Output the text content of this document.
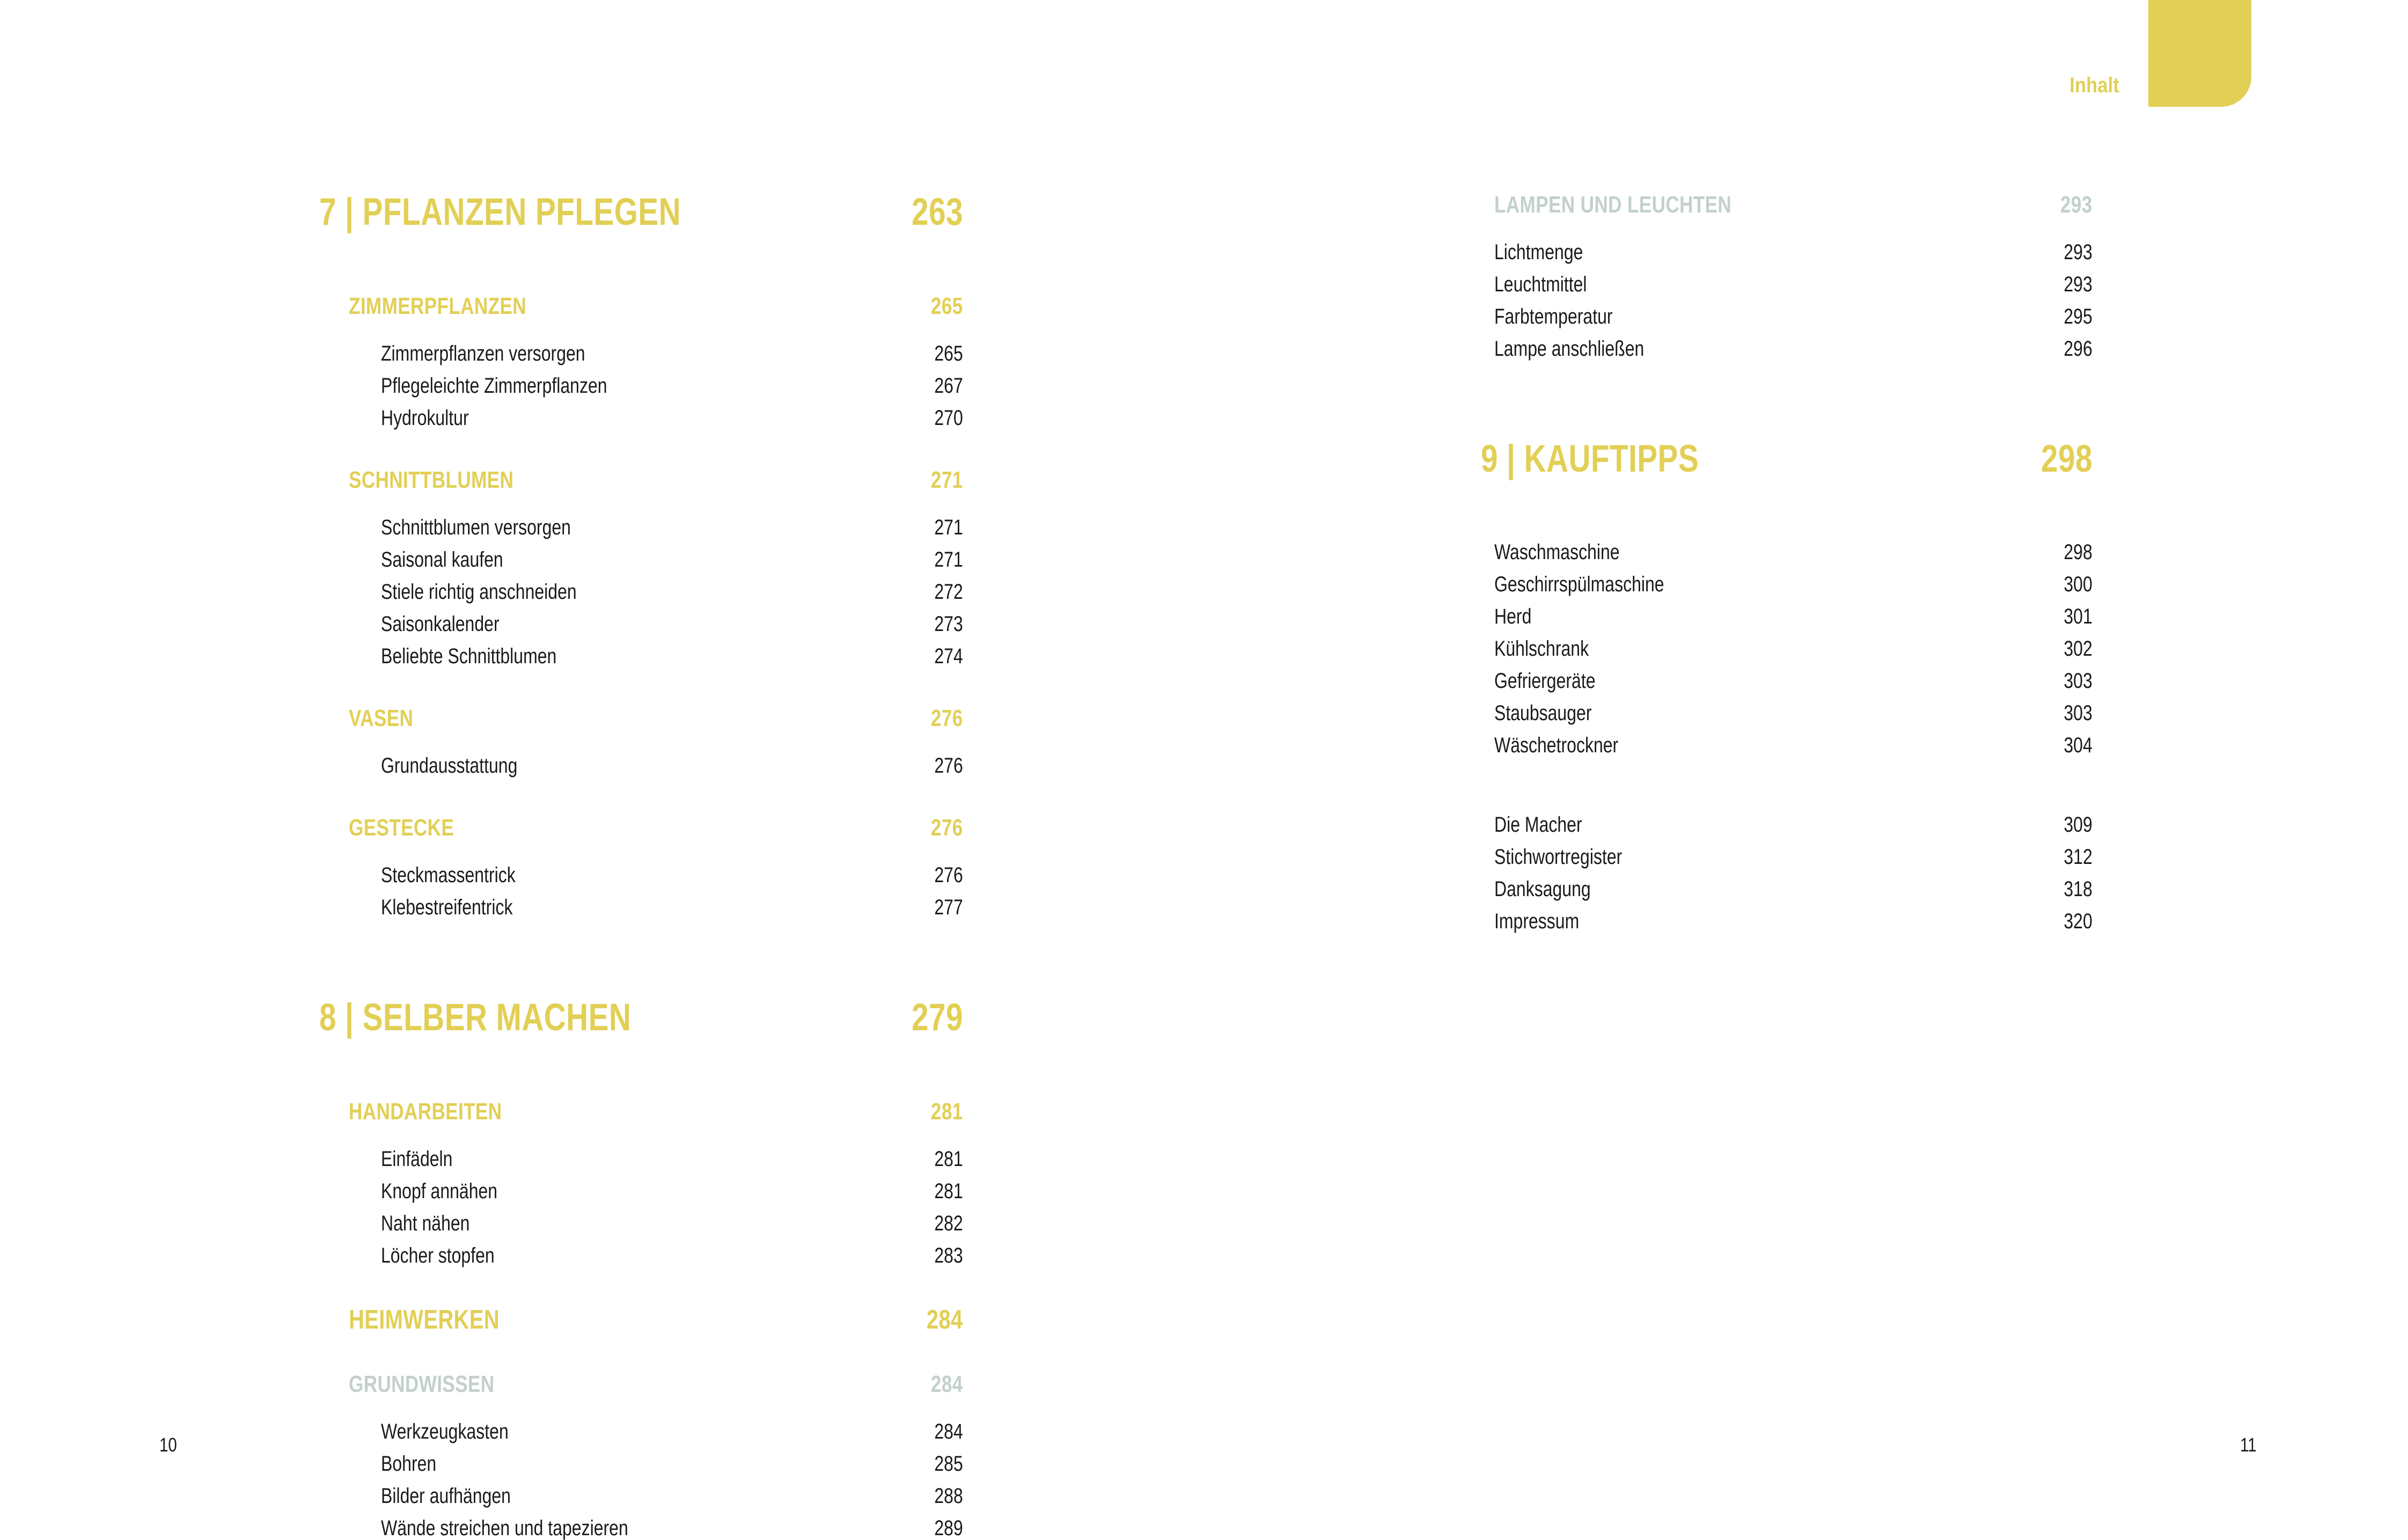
Inhalt
7 | PFLANZEN PFLEGEN	263
ZIMMERPFLANZEN	265
Zimmerpflanzen versorgen	265
Pflegeleichte Zimmerpflanzen	267
Hydrokultur	270
SCHNITTBLUMEN	271
Schnittblumen versorgen	271
Saisonal kaufen	271
Stiele richtig anschneiden	272
Saisonkalender	273
Beliebte Schnittblumen	274
VASEN	276
Grundausstattung	276
GESTECKE	276
Steckmassentrick	276
Klebestreifentrick	277
8 | SELBER MACHEN	279
HANDARBEITEN	281
Einfädeln	281
Knopf annähen	281
Naht nähen	282
Löcher stopfen	283
HEIMWERKEN	284
GRUNDWISSEN	284
Werkzeugkasten	284
Bohren	285
Bilder aufhängen	288
Wände streichen und tapezieren	289
LAMPEN UND LEUCHTEN	293
Lichtmenge	293
Leuchtmittel	293
Farbtemperatur	295
Lampe anschließen	296
9 | KAUFTIPPS	298
Waschmaschine	298
Geschirrspülmaschine	300
Herd	301
Kühlschrank	302
Gefriergeräte	303
Staubsauger	303
Wäschetrockner	304
Die Macher	309
Stichwortregister	312
Danksagung	318
Impressum	320
10	11
